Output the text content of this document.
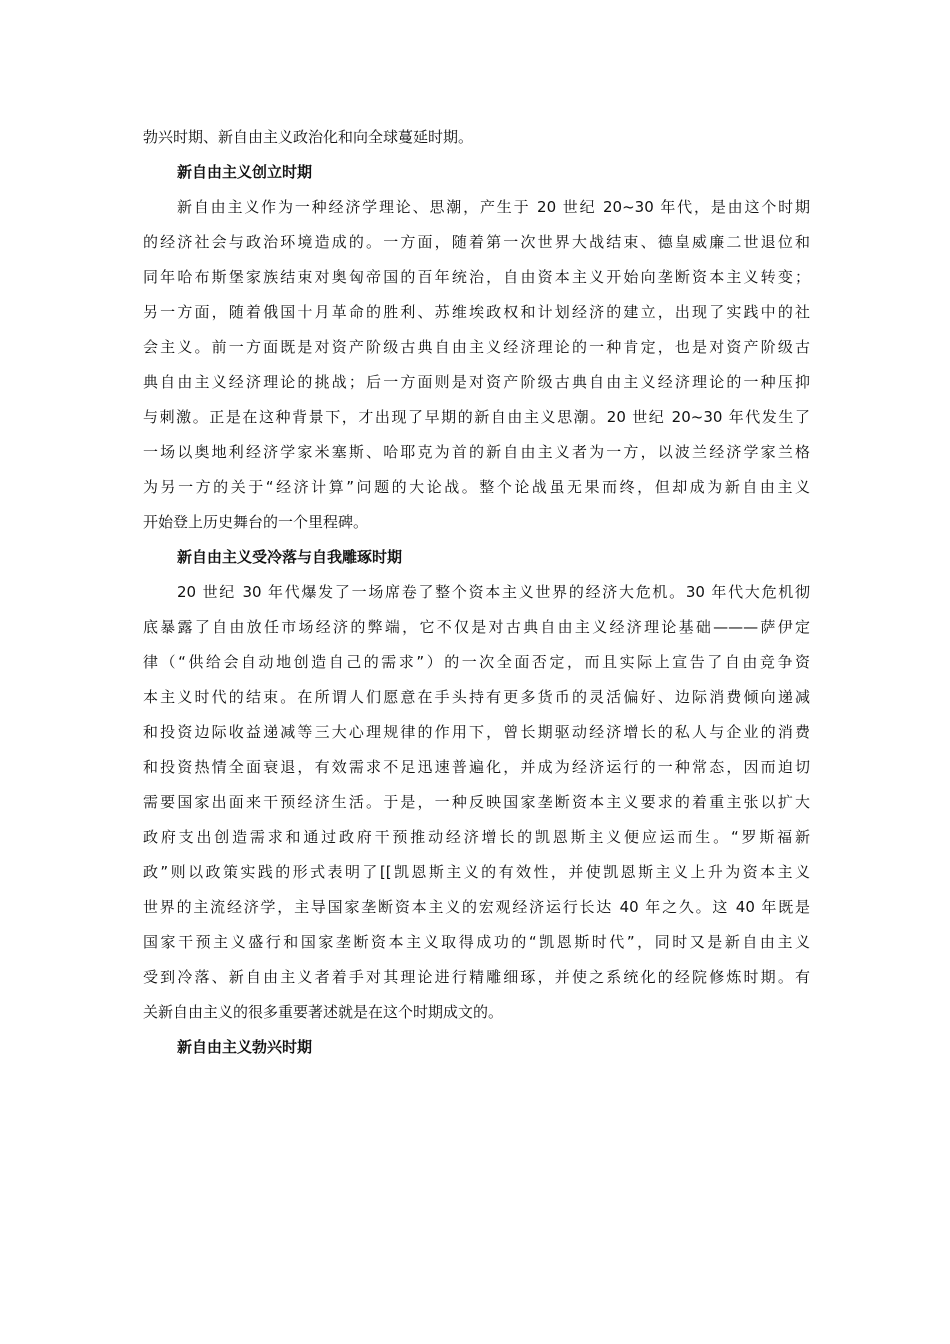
勃兴时期、新自由主义政治化和向全球蔓延时期。
新自由主义创立时期
新自由主义作为一种经济学理论、思潮，产生于 20 世纪 20~30 年代，是由这个时期
的经济社会与政治环境造成的。一方面，随着第一次世界大战结束、德皇威廉二世退位和
同年哈布斯堡家族结束对奥匈帝国的百年统治，自由资本主义开始向垄断资本主义转变；
另一方面，随着俄国十月革命的胜利、苏维埃政权和计划经济的建立，出现了实践中的社
会主义。前一方面既是对资产阶级古典自由主义经济理论的一种肯定，也是对资产阶级古
典自由主义经济理论的挑战；后一方面则是对资产阶级古典自由主义经济理论的一种压抑
与刺激。正是在这种背景下，才出现了早期的新自由主义思潮。20 世纪 20~30 年代发生了
一场以奥地利经济学家米塞斯、哈耶克为首的新自由主义者为一方，以波兰经济学家兰格
为另一方的关于“经济计算”问题的大论战。整个论战虽无果而终，但却成为新自由主义
开始登上历史舞台的一个里程碑。
新自由主义受冷落与自我雕琢时期
20 世纪 30 年代爆发了一场席卷了整个资本主义世界的经济大危机。30 年代大危机彻
底暴露了自由放任市场经济的弊端，它不仅是对古典自由主义经济理论基础———萨伊定
律（“供给会自动地创造自己的需求”）的一次全面否定，而且实际上宣告了自由竞争资
本主义时代的结束。在所谓人们愿意在手头持有更多货币的灵活偏好、边际消费倾向递减
和投资边际收益递减等三大心理规律的作用下，曾长期驱动经济增长的私人与企业的消费
和投资热情全面衰退，有效需求不足迅速普遍化，并成为经济运行的一种常态，因而迫切
需要国家出面来干预经济生活。于是，一种反映国家垄断资本主义要求的着重主张以扩大
政府支出创造需求和通过政府干预推动经济增长的凯恩斯主义便应运而生。“罗斯福新
政”则以政策实践的形式表明了[[凯恩斯主义的有效性，并使凯恩斯主义上升为资本主义
世界的主流经济学，主导国家垄断资本主义的宏观经济运行长达 40 年之久。这 40 年既是
国家干预主义盛行和国家垄断资本主义取得成功的“凯恩斯时代”，同时又是新自由主义
受到冷落、新自由主义者着手对其理论进行精雕细琢，并使之系统化的经院修炼时期。有
关新自由主义的很多重要著述就是在这个时期成文的。
新自由主义勃兴时期
